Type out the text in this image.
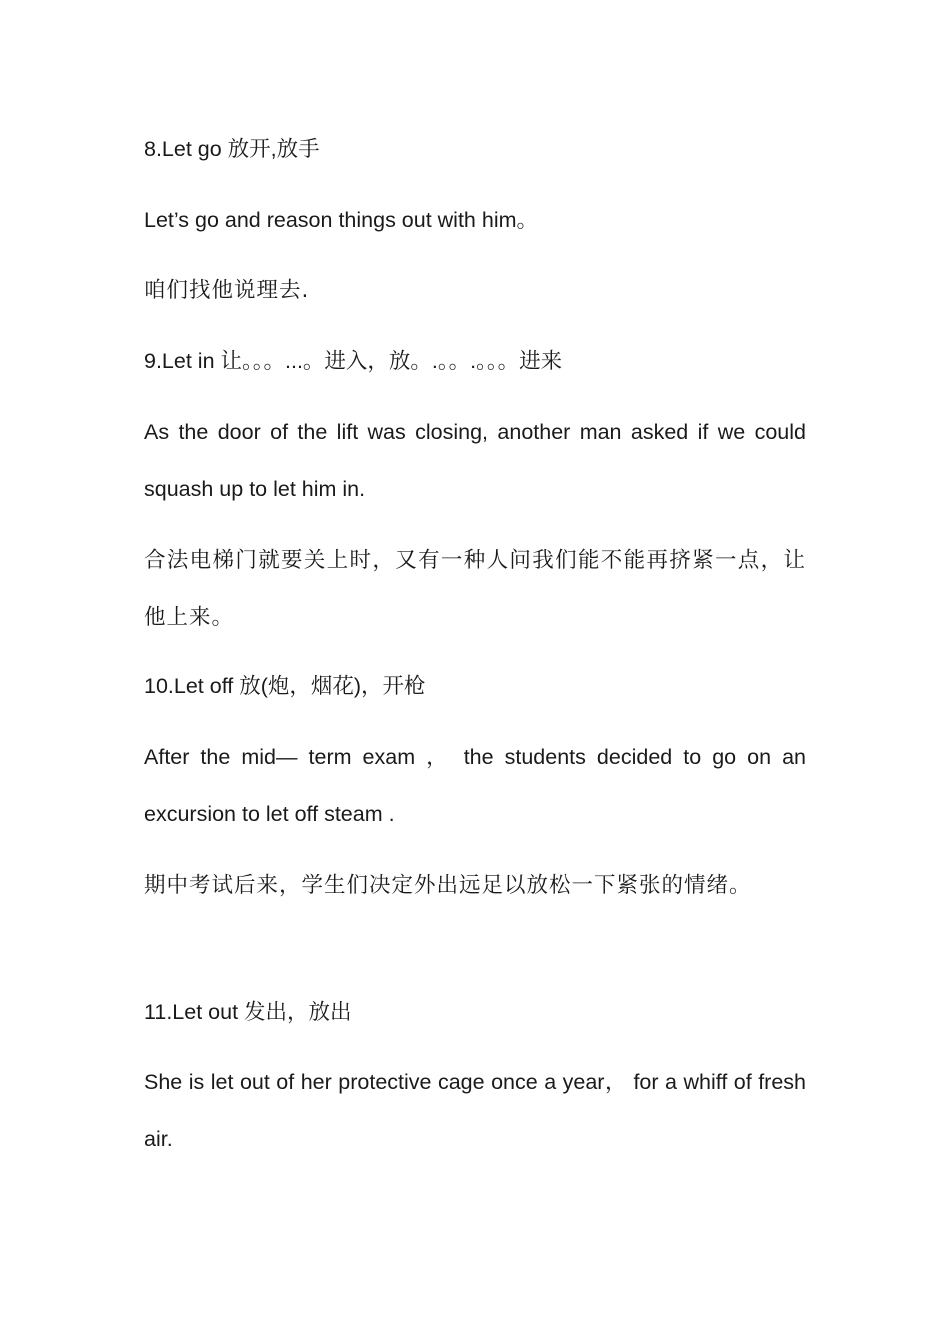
8.Let go 放开,放手

Let’s go and reason things out with him。

咱们找他说理去.

9.Let in 让。。。...。进入，放。.。。.。。。进来

As the door of the lift was closing, another man asked if we could squash up to let him in.

合法电梯门就要关上时，又有一种人问我们能不能再挤紧一点，让他上来。

10.Let off 放(炮，烟花)，开枪

After the mid— term exam ， the students decided to go on an excursion to let off steam .

期中考试后来，学生们决定外出远足以放松一下紧张的情绪。

11.Let out 发出，放出

She is let out of her protective cage once a year， for a whiff of fresh air.
